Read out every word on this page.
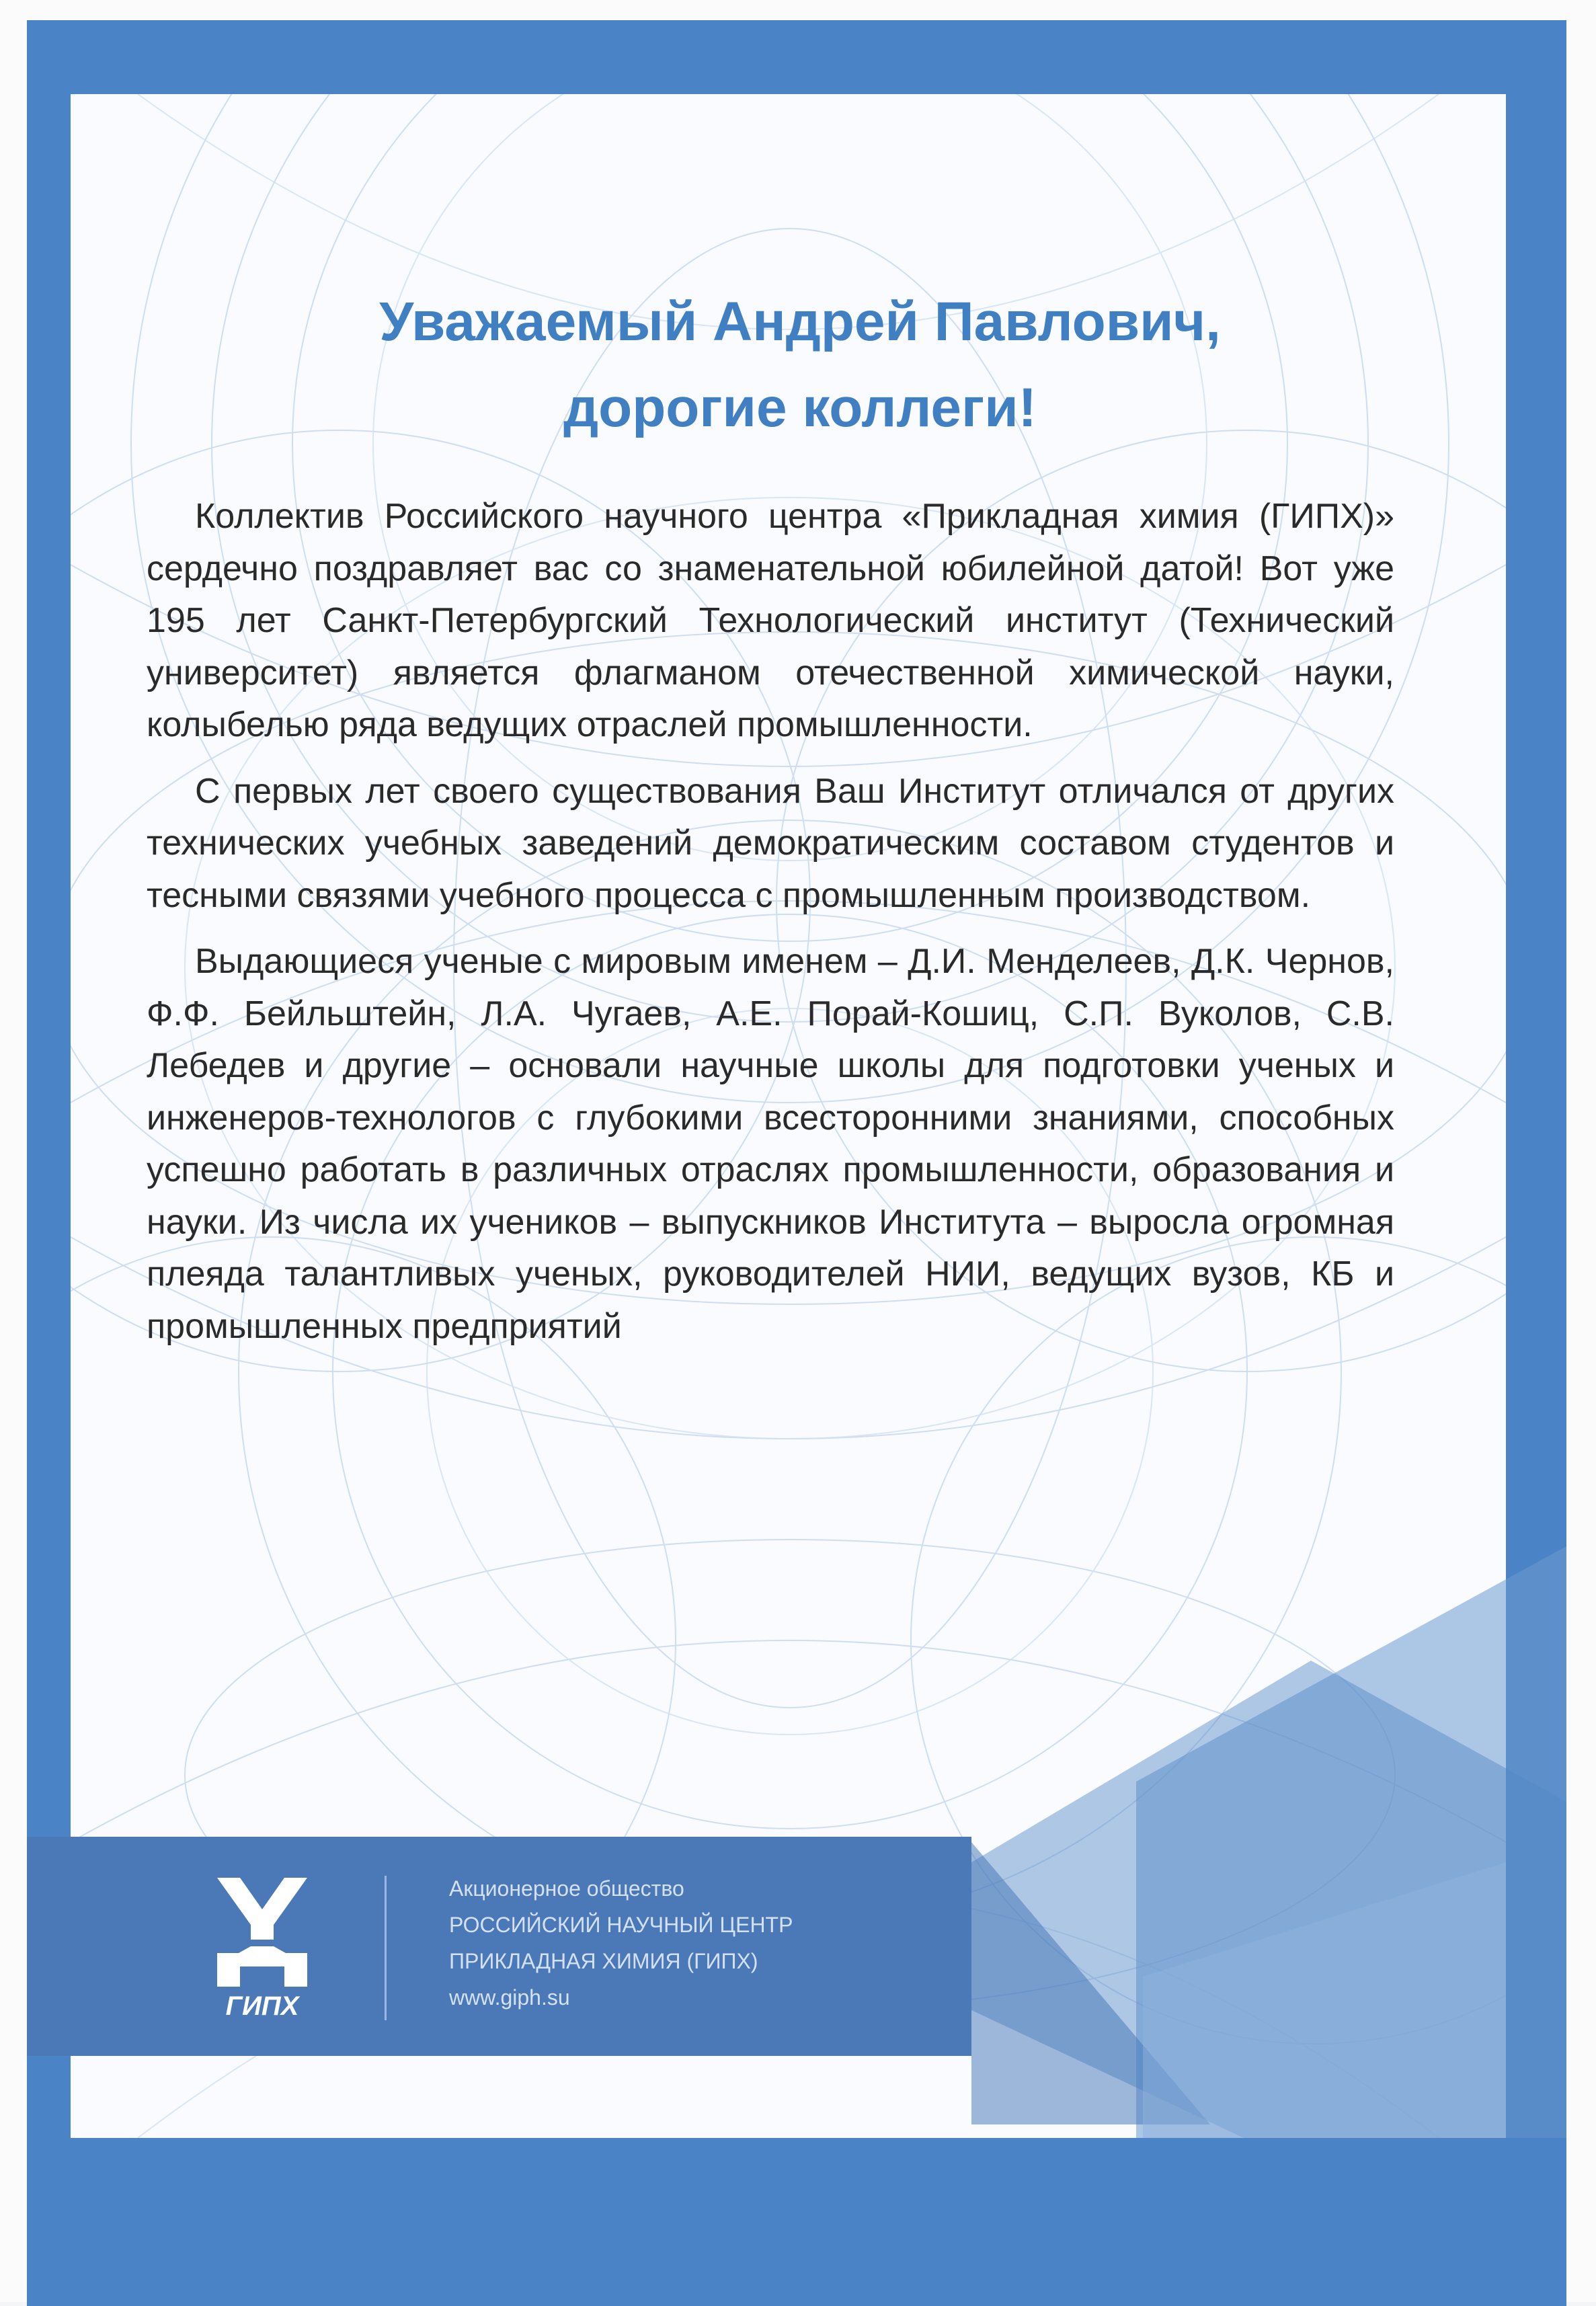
Уважаемый Андрей Павлович,
дорогие коллеги!

Коллектив Российского научного центра «Прикладная химия (ГИПХ)» сердечно поздравляет вас со знаменательной юбилейной датой! Вот уже 195 лет Санкт-Петербургский Технологический институт (Технический университет) является флагманом отечественной химической науки, колыбелью ряда ведущих отраслей промышленности.

С первых лет своего существования Ваш Институт отличался от других технических учебных заведений демократическим составом студентов и тесными связями учебного процесса с промышленным производством.

Выдающиеся ученые с мировым именем – Д.И. Менделеев, Д.К. Чернов, Ф.Ф. Бейльштейн, Л.А. Чугаев, А.Е. Порай-Кошиц, С.П. Вуколов, С.В. Лебедев и другие – основали научные школы для подготовки ученых и инженеров-технологов с глубокими всесторонними знаниями, способных успешно работать в различных отраслях промышленности, образования и науки. Из числа их учеников – выпускников Института – выросла огромная плеяда талантливых ученых, руководителей НИИ, ведущих вузов, КБ и промышленных предприятий

ГИПХ
Акционерное общество
РОССИЙСКИЙ НАУЧНЫЙ ЦЕНТР
ПРИКЛАДНАЯ ХИМИЯ (ГИПХ)
www.giph.su
